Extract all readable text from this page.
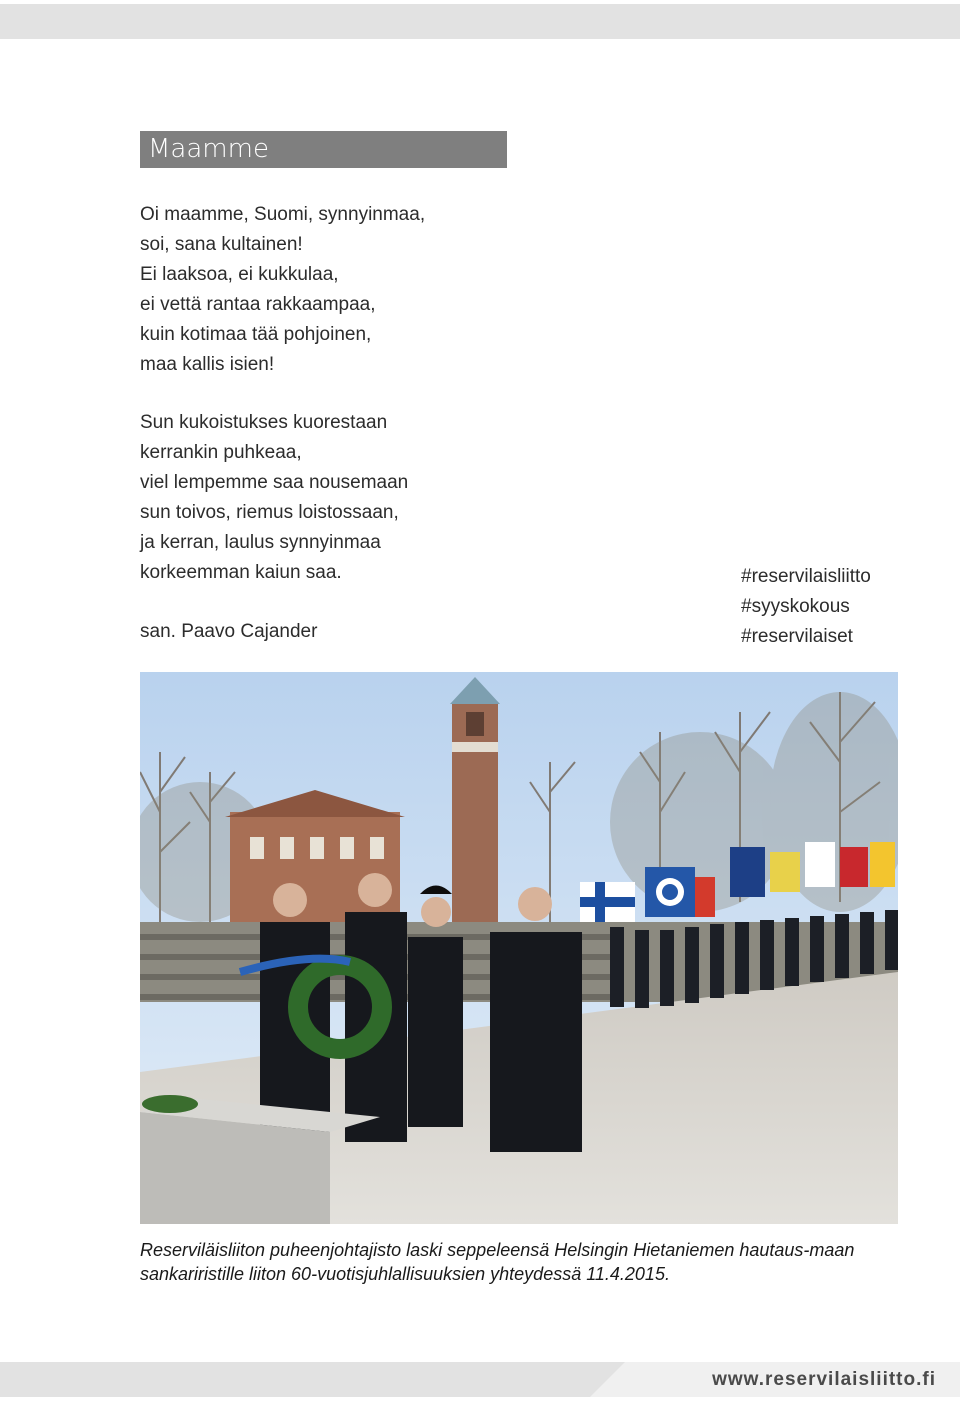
Maamme
Oi maamme, Suomi, synnyinmaa,
soi, sana kultainen!
Ei laaksoa, ei kukkulaa,
ei vettä rantaa rakkaampaa,
kuin kotimaa tää pohjoinen,
maa kallis isien!
Sun kukoistukses kuorestaan
kerrankin puhkeaa,
viel lempemme saa nousemaan
sun toivos, riemus loistossaan,
ja kerran, laulus synnyinmaa
korkeemman kaiun saa.
san. Paavo Cajander
#reservilaisliitto
#syyskokous
#reservilaiset
Reserviläisliiton puheenjohtajisto laski seppeleensä Helsingin Hietaniemen hautaus-maan sankariristille liiton 60-vuotisjuhlallisuuksien yhteydessä 11.4.2015.
www.reservilaisliitto.fi
